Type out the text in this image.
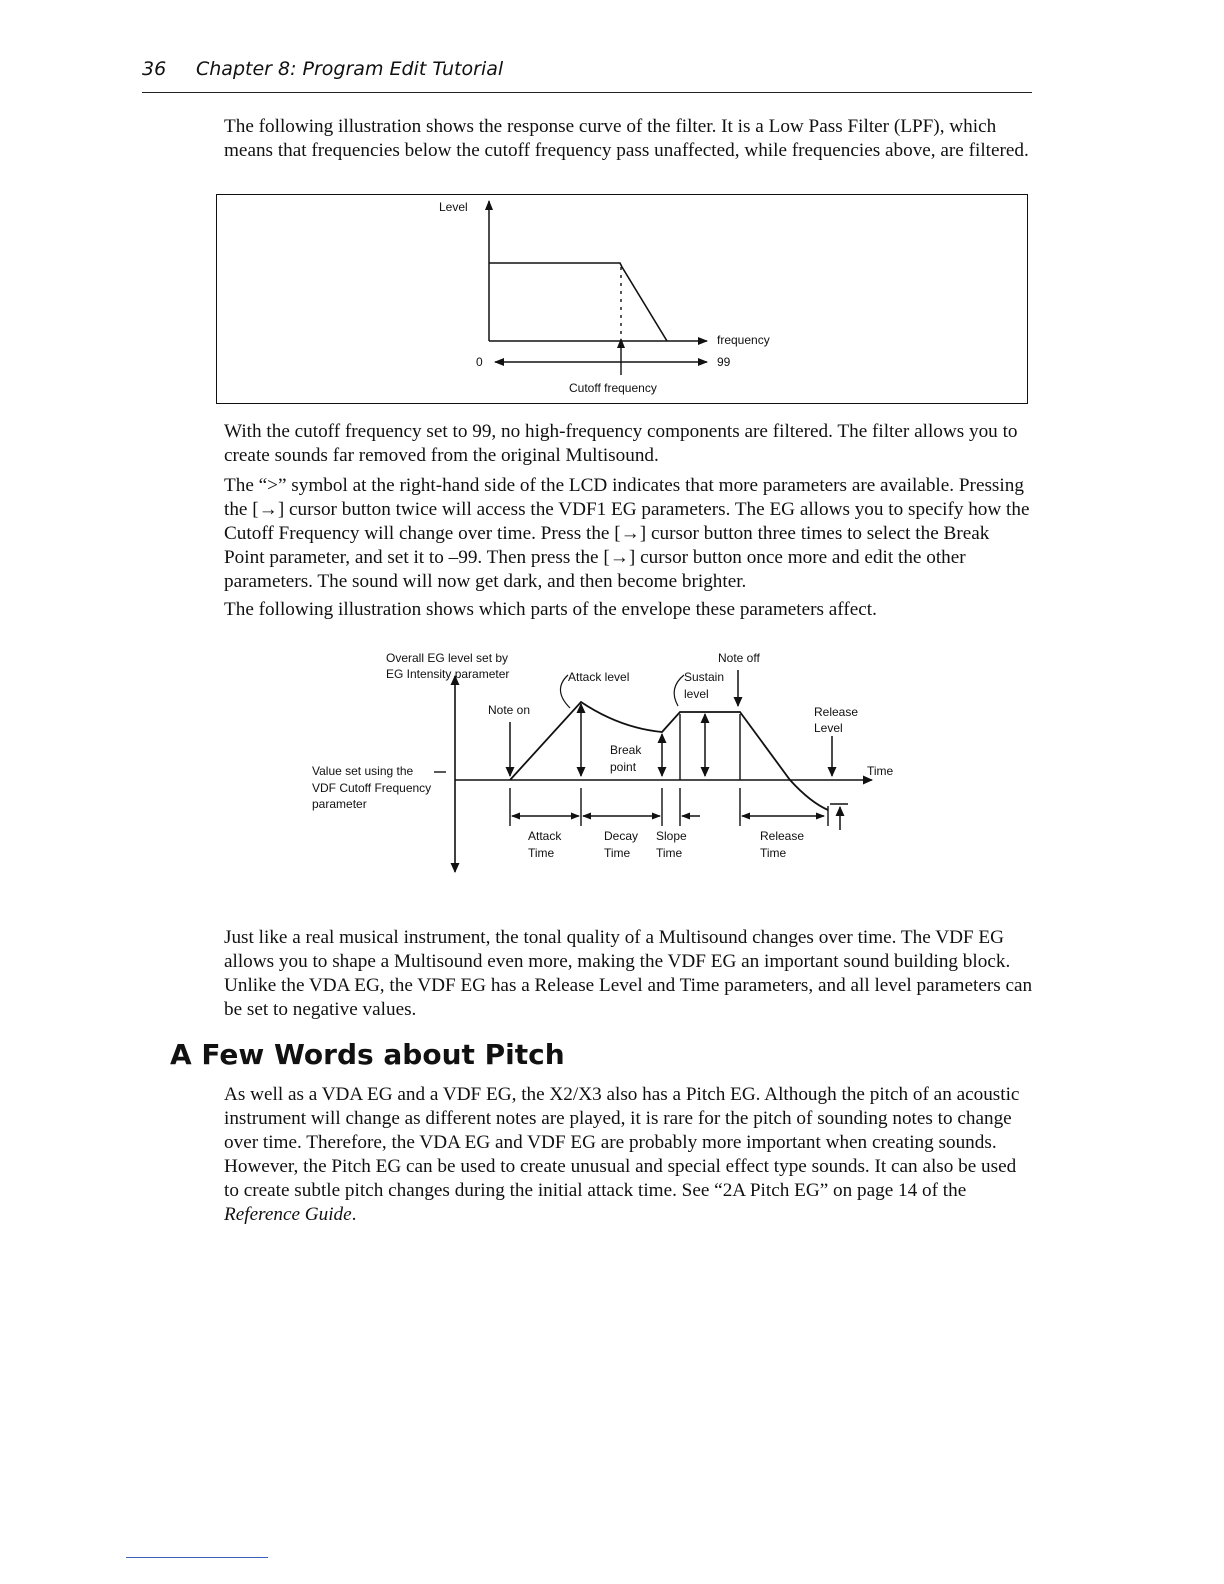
36 Chapter 8: Program Edit Tutorial

The following illustration shows the response curve of the filter. It is a Low Pass Filter (LPF), which means that frequencies below the cutoff frequency pass unaffected, while frequencies above, are filtered.

Level
frequency
0	99
Cutoff frequency

With the cutoff frequency set to 99, no high-frequency components are filtered. The filter allows you to create sounds far removed from the original Multisound.

The “>” symbol at the right-hand side of the LCD indicates that more parameters are available. Pressing the [→] cursor button twice will access the VDF1 EG parameters. The EG allows you to specify how the Cutoff Frequency will change over time. Press the [→] cursor button three times to select the Break Point parameter, and set it to –99. Then press the [→] cursor button once more and edit the other parameters. The sound will now get dark, and then become brighter.

The following illustration shows which parts of the envelope these parameters affect.

Overall EG level set by
EG Intensity parameter	Attack level
Note off
Sustain
level
Note on	Release
Level
Break
point
Value set using the
VDF Cutoff Frequency
parameter
Time
Attack
Time
Decay
Time
Slope
Time
Release
Time

Just like a real musical instrument, the tonal quality of a Multisound changes over time. The VDF EG allows you to shape a Multisound even more, making the VDF EG an important sound building block. Unlike the VDA EG, the VDF EG has a Release Level and Time parameters, and all level parameters can be set to negative values.

A Few Words about Pitch

As well as a VDA EG and a VDF EG, the X2/X3 also has a Pitch EG. Although the pitch of an acoustic instrument will change as different notes are played, it is rare for the pitch of sounding notes to change over time. Therefore, the VDA EG and VDF EG are probably more important when creating sounds. However, the Pitch EG can be used to create unusual and special effect type sounds. It can also be used to create subtle pitch changes during the initial attack time. See “2A Pitch EG” on page 14 of the Reference Guide.
